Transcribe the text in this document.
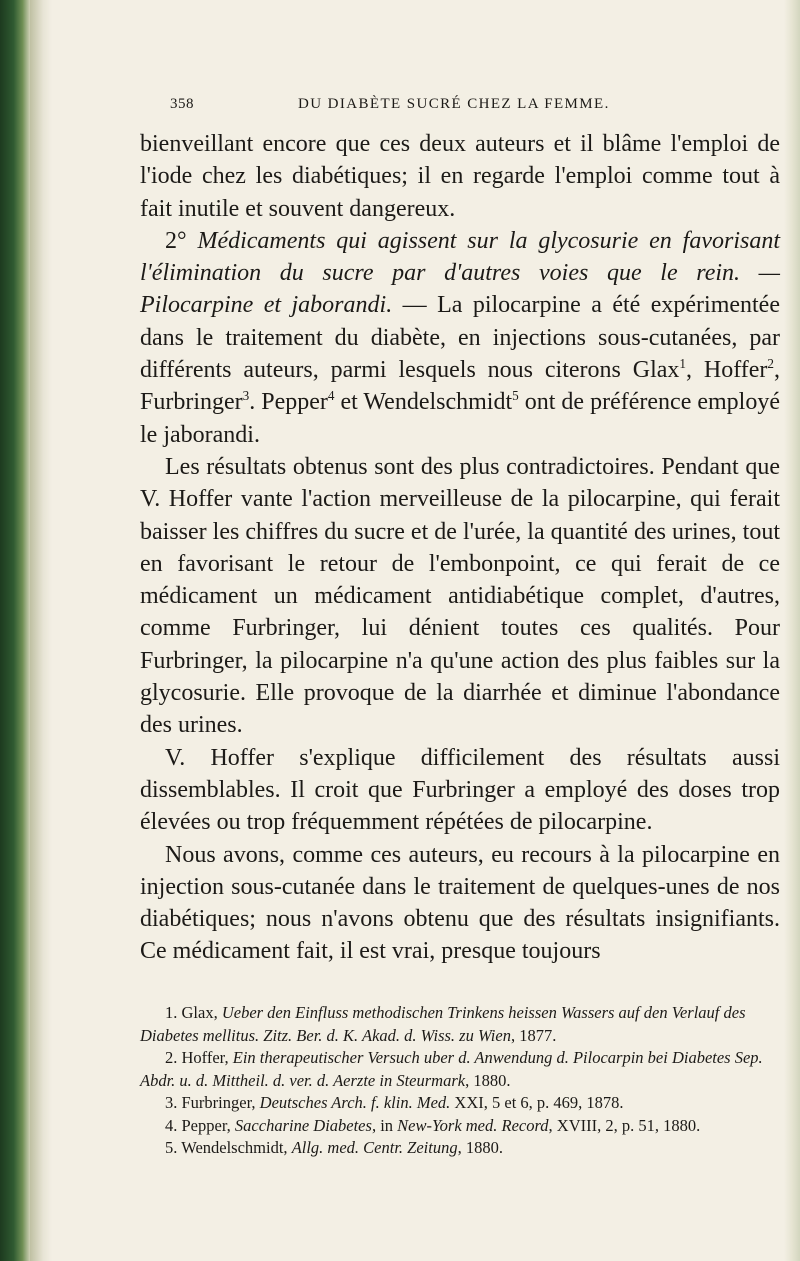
358	DU DIABÈTE SUCRÉ CHEZ LA FEMME.

bienveillant encore que ces deux auteurs et il blâme l'emploi de l'iode chez les diabétiques; il en regarde l'emploi comme tout à fait inutile et souvent dangereux.

2° Médicaments qui agissent sur la glycosurie en favorisant l'élimination du sucre par d'autres voies que le rein. — Pilocarpine et jaborandi. — La pilocarpine a été expérimentée dans le traitement du diabète, en injections sous-cutanées, par différents auteurs, parmi lesquels nous citerons Glax$^1$, Hoffer$^2$, Furbringer$^3$. Pepper$^4$ et Wendelschmidt$^5$ ont de préférence employé le jaborandi.

Les résultats obtenus sont des plus contradictoires. Pendant que V. Hoffer vante l'action merveilleuse de la pilocarpine, qui ferait baisser les chiffres du sucre et de l'urée, la quantité des urines, tout en favorisant le retour de l'embonpoint, ce qui ferait de ce médicament un médicament antidiabétique complet, d'autres, comme Furbringer, lui dénient toutes ces qualités. Pour Furbringer, la pilocarpine n'a qu'une action des plus faibles sur la glycosurie. Elle provoque de la diarrhée et diminue l'abondance des urines.

V. Hoffer s'explique difficilement des résultats aussi dissemblables. Il croit que Furbringer a employé des doses trop élevées ou trop fréquemment répétées de pilocarpine.

Nous avons, comme ces auteurs, eu recours à la pilocarpine en injection sous-cutanée dans le traitement de quelques-unes de nos diabétiques; nous n'avons obtenu que des résultats insignifiants. Ce médicament fait, il est vrai, presque toujours

1. Glax, Ueber den Einfluss methodischen Trinkens heissen Wassers auf den Verlauf des Diabetes mellitus. Zitz. Ber. d. K. Akad. d. Wiss. zu Wien, 1877.

2. Hoffer, Ein therapeutischer Versuch uber d. Anwendung d. Pilocarpin bei Diabetes Sep. Abdr. u. d. Mittheil. d. ver. d. Aerzte in Steurmark, 1880.

3. Furbringer, Deutsches Arch. f. klin. Med. XXI, 5 et 6, p. 469, 1878.

4. Pepper, Saccharine Diabetes, in New-York med. Record, XVIII, 2, p. 51, 1880.

5. Wendelschmidt, Allg. med. Centr. Zeitung, 1880.
